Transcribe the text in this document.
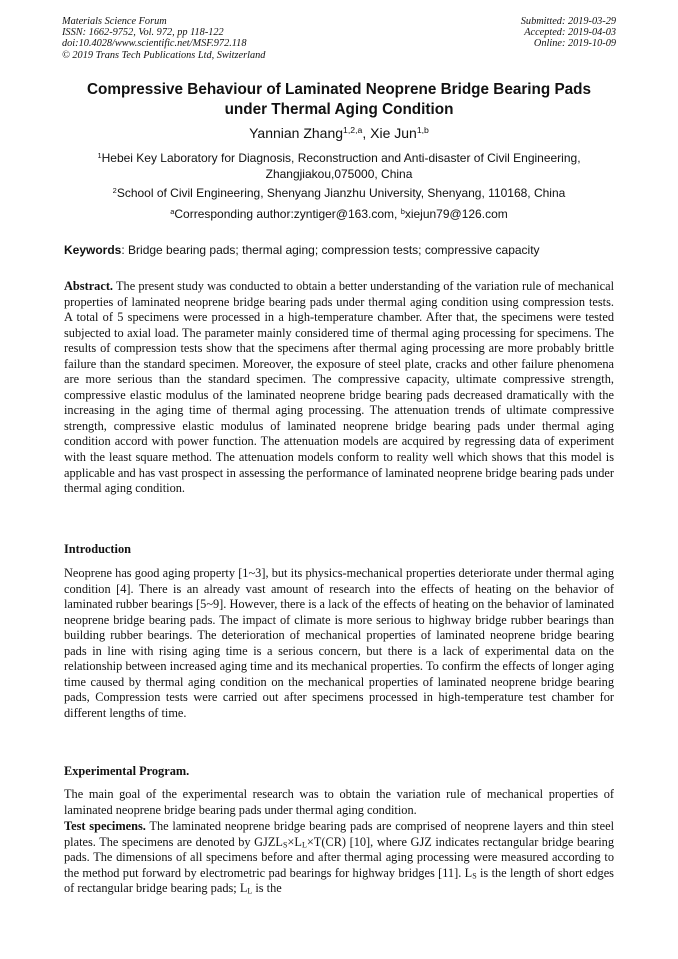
Materials Science Forum
ISSN: 1662-9752, Vol. 972, pp 118-122
doi:10.4028/www.scientific.net/MSF.972.118
© 2019 Trans Tech Publications Ltd, Switzerland
Submitted: 2019-03-29
Accepted: 2019-04-03
Online: 2019-10-09
Compressive Behaviour of Laminated Neoprene Bridge Bearing Pads
under Thermal Aging Condition
Yannian Zhang$^{1,2,a}$, Xie Jun$^{1,b}$
$^1$Hebei Key Laboratory for Diagnosis, Reconstruction and Anti-disaster of Civil Engineering, Zhangjiakou,075000, China
$^2$School of Civil Engineering, Shenyang Jianzhu University, Shenyang, 110168, China
$^a$Corresponding author:zyntiger@163.com, $^b$xiejun79@126.com
Keywords: Bridge bearing pads; thermal aging; compression tests; compressive capacity
Abstract. The present study was conducted to obtain a better understanding of the variation rule of mechanical properties of laminated neoprene bridge bearing pads under thermal aging condition using compression tests. A total of 5 specimens were processed in a high-temperature chamber. After that, the specimens were tested subjected to axial load. The parameter mainly considered time of thermal aging processing for specimens. The results of compression tests show that the specimens after thermal aging processing are more probably brittle failure than the standard specimen. Moreover, the exposure of steel plate, cracks and other failure phenomena are more serious than the standard specimen. The compressive capacity, ultimate compressive strength, compressive elastic modulus of the laminated neoprene bridge bearing pads decreased dramatically with the increasing in the aging time of thermal aging processing. The attenuation trends of ultimate compressive strength, compressive elastic modulus of laminated neoprene bridge bearing pads under thermal aging condition accord with power function. The attenuation models are acquired by regressing data of experiment with the least square method. The attenuation models conform to reality well which shows that this model is applicable and has vast prospect in assessing the performance of laminated neoprene bridge bearing pads under thermal aging condition.
Introduction
Neoprene has good aging property [1~3], but its physics-mechanical properties deteriorate under thermal aging condition [4]. There is an already vast amount of research into the effects of heating on the behavior of laminated rubber bearings [5~9]. However, there is a lack of the effects of heating on the behavior of laminated neoprene bridge bearing pads. The impact of climate is more serious to highway bridge rubber bearings than building rubber bearings. The deterioration of mechanical properties of laminated neoprene bridge bearing pads in line with rising aging time is a serious concern, but there is a lack of experimental data on the relationship between increased aging time and its mechanical properties. To confirm the effects of longer aging time caused by thermal aging condition on the mechanical properties of laminated neoprene bridge bearing pads, Compression tests were carried out after specimens processed in high-temperature test chamber for different lengths of time.
Experimental Program.
The main goal of the experimental research was to obtain the variation rule of mechanical properties of laminated neoprene bridge bearing pads under thermal aging condition.
Test specimens. The laminated neoprene bridge bearing pads are comprised of neoprene layers and thin steel plates. The specimens are denoted by $GJZL_S\times L_L\times T(CR)$ [10], where GJZ indicates rectangular bridge bearing pads. The dimensions of all specimens before and after thermal aging processing were measured according to the method put forward by electrometric pad bearings for highway bridges [11]. $L_S$ is the length of short edges of rectangular bridge bearing pads; $L_L$ is the
